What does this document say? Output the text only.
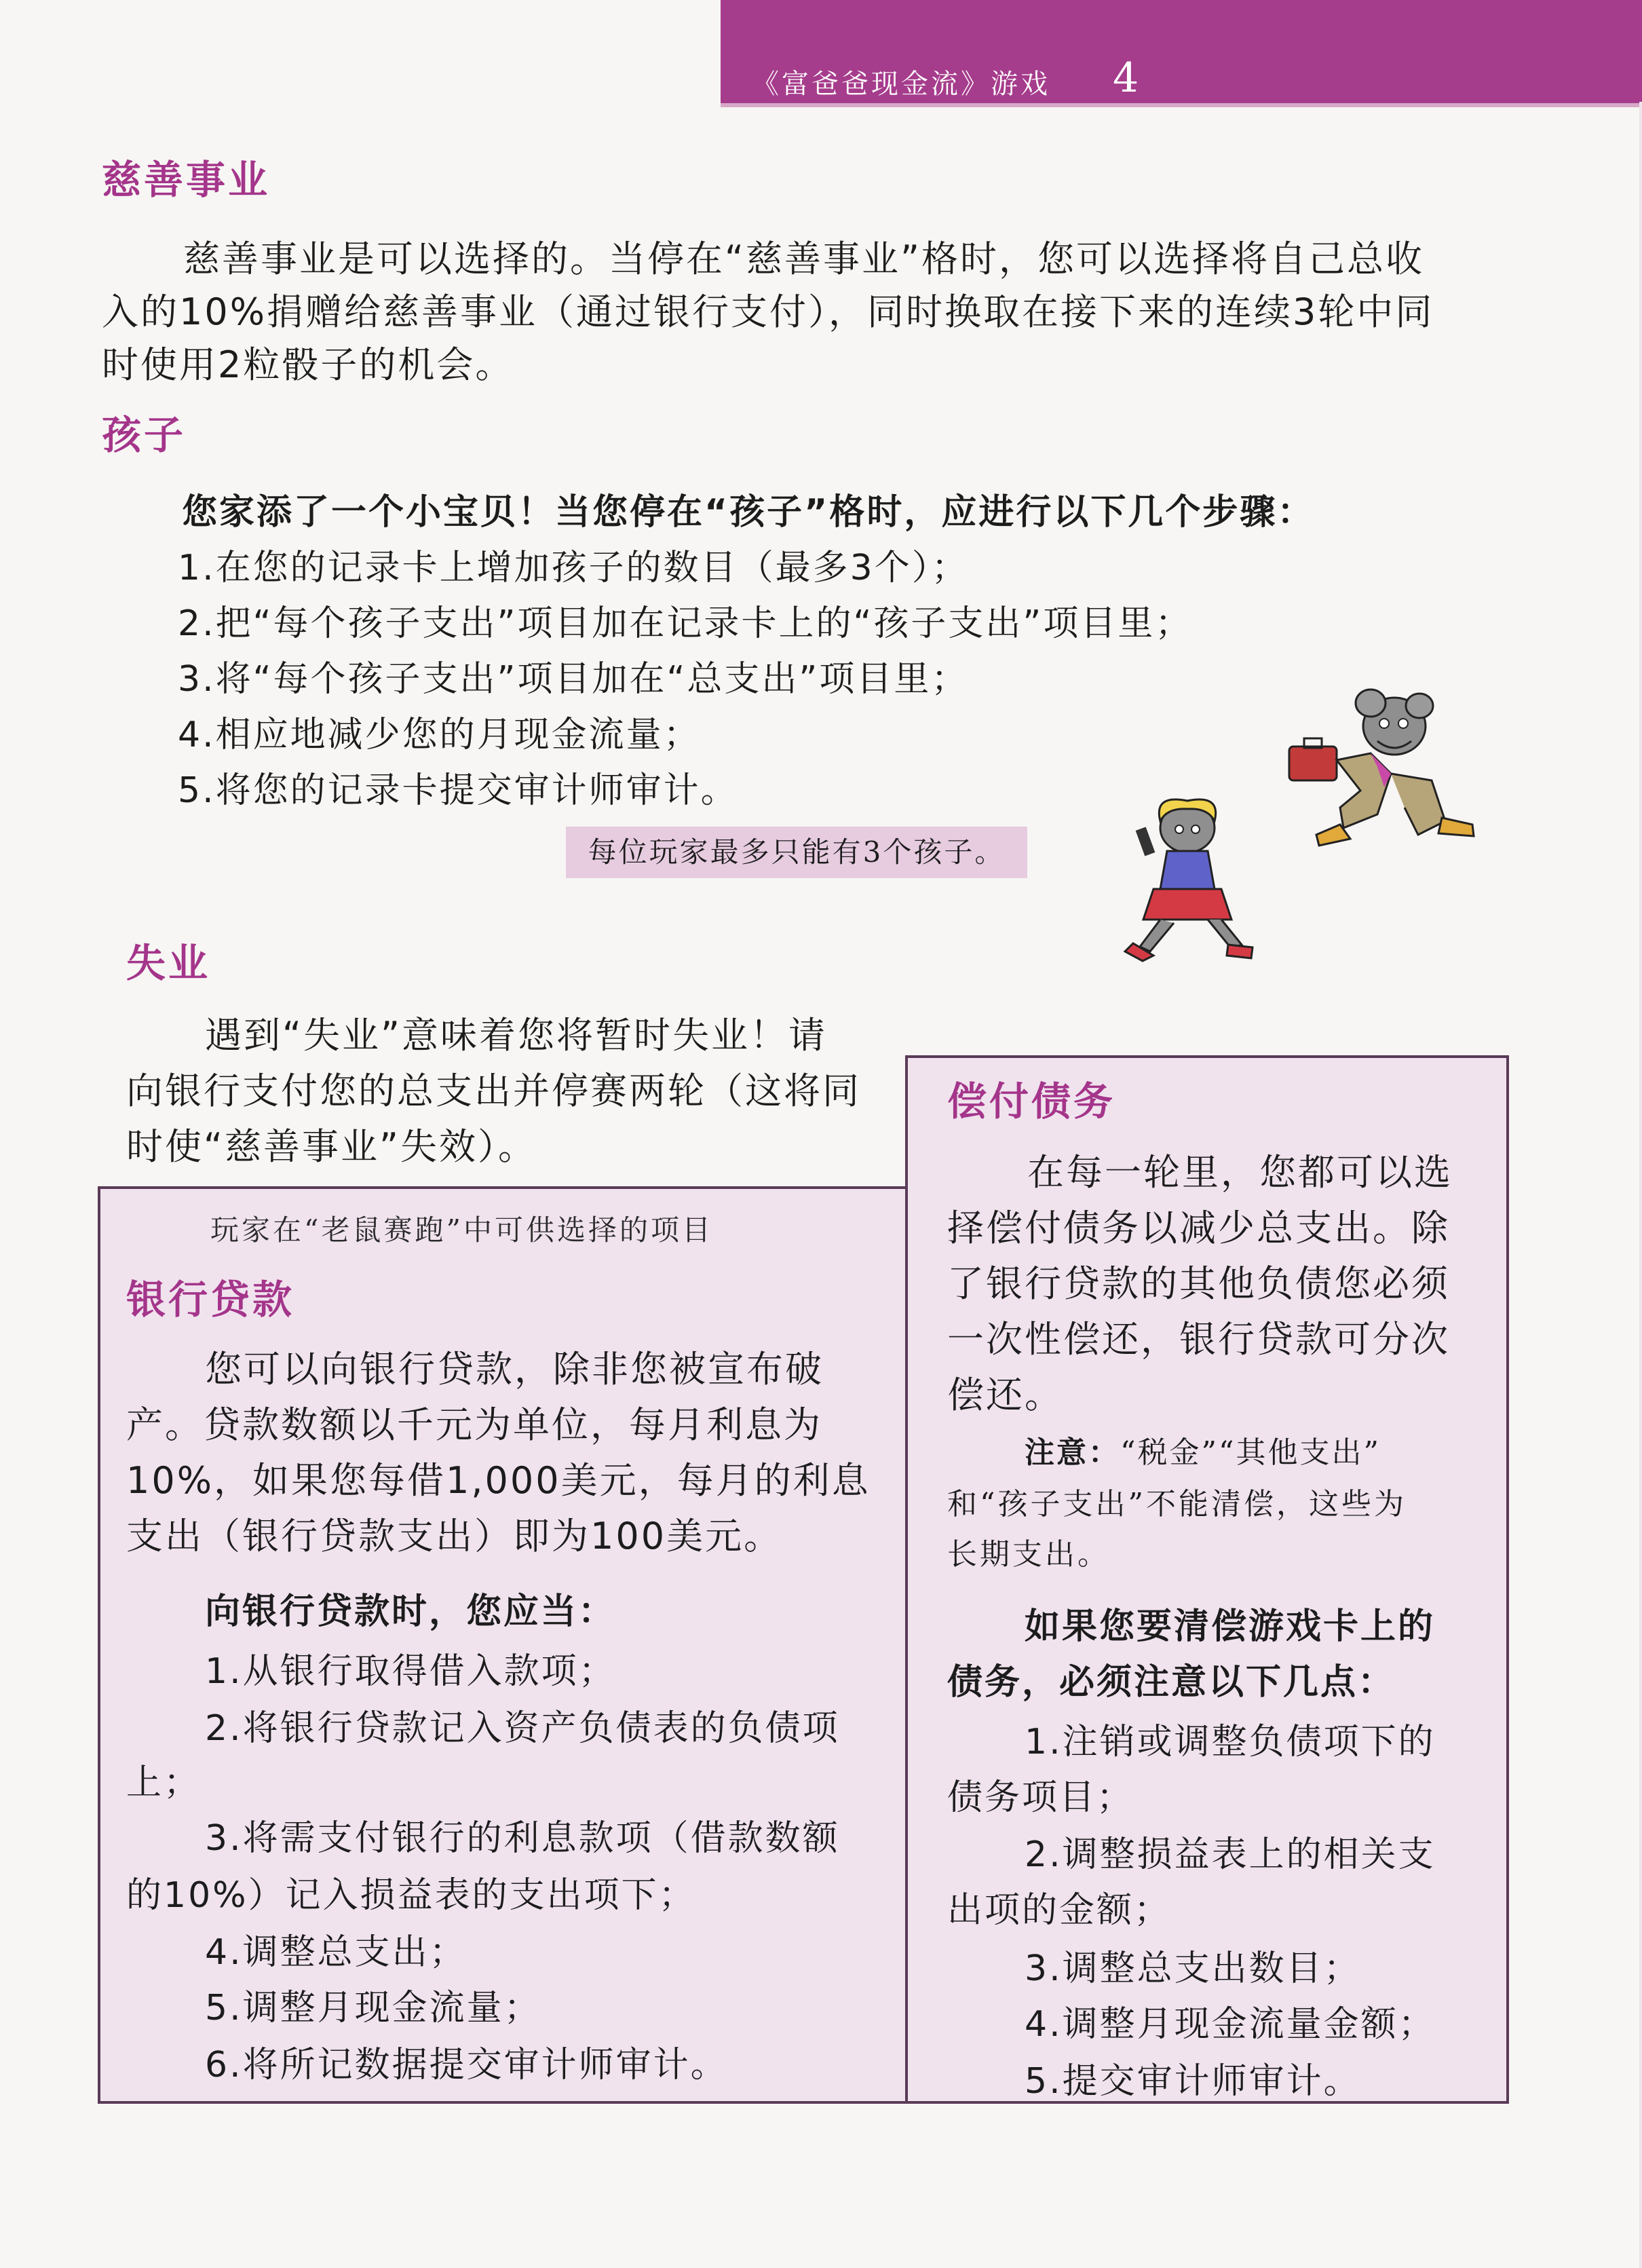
《富爸爸现金流》游戏 4
慈善事业
慈善事业是可以选择的。当停在“慈善事业”格时，您可以选择将自己总收
入的10%捐赠给慈善事业（通过银行支付），同时换取在接下来的连续3轮中同
时使用2粒骰子的机会。
孩子
您家添了一个小宝贝！当您停在“孩子”格时，应进行以下几个步骤：
1.在您的记录卡上增加孩子的数目（最多3个）；
2.把“每个孩子支出”项目加在记录卡上的“孩子支出”项目里；
3.将“每个孩子支出”项目加在“总支出”项目里；
4.相应地减少您的月现金流量；
5.将您的记录卡提交审计师审计。
每位玩家最多只能有3个孩子。
失业
遇到“失业”意味着您将暂时失业！请
向银行支付您的总支出并停赛两轮（这将同
时使“慈善事业”失效）。
玩家在“老鼠赛跑”中可供选择的项目
银行贷款
您可以向银行贷款，除非您被宣布破
产。贷款数额以千元为单位，每月利息为
10%，如果您每借1,000美元，每月的利息
支出（银行贷款支出）即为100美元。
向银行贷款时，您应当：
1.从银行取得借入款项；
2.将银行贷款记入资产负债表的负债项
上；
3.将需支付银行的利息款项（借款数额
的10%）记入损益表的支出项下；
4.调整总支出；
5.调整月现金流量；
6.将所记数据提交审计师审计。
偿付债务
在每一轮里，您都可以选
择偿付债务以减少总支出。除
了银行贷款的其他负债您必须
一次性偿还，银行贷款可分次
偿还。
注意：“税金”“其他支出”
和“孩子支出”不能清偿，这些为
长期支出。
如果您要清偿游戏卡上的
债务，必须注意以下几点：
1.注销或调整负债项下的
债务项目；
2.调整损益表上的相关支
出项的金额；
3.调整总支出数目；
4.调整月现金流量金额；
5.提交审计师审计。
